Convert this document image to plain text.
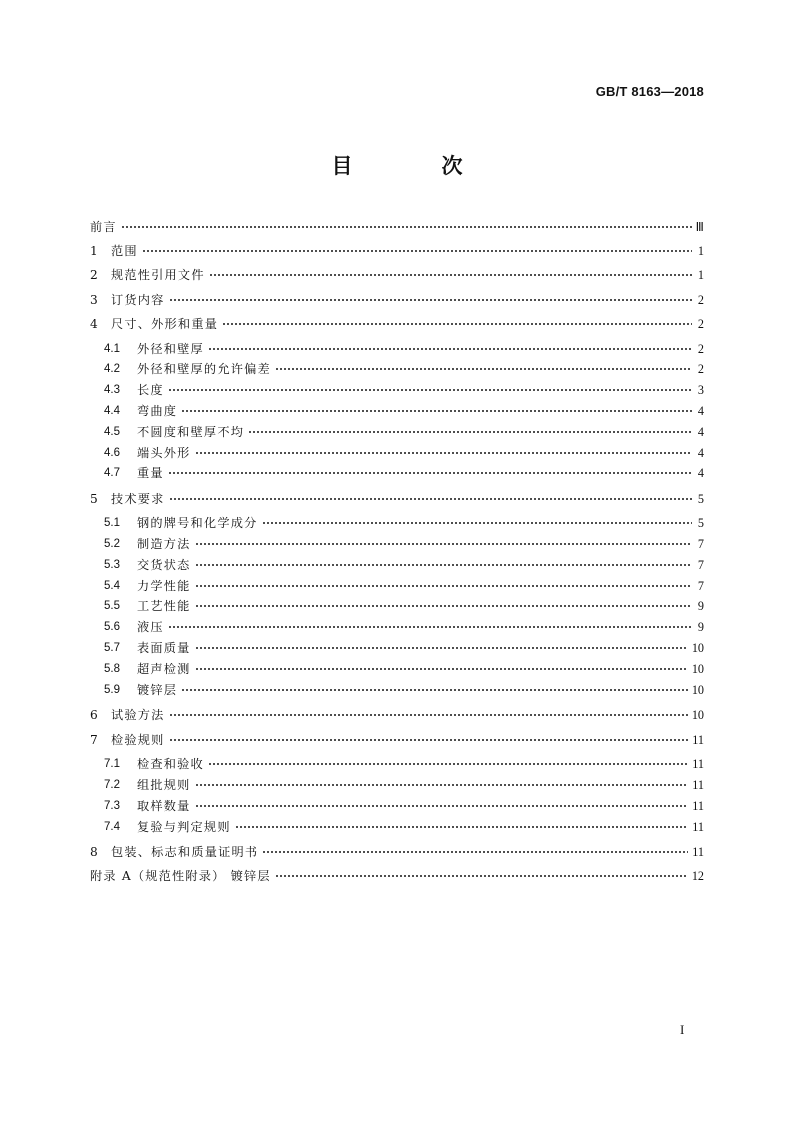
GB/T 8163—2018
目　次
前言	Ⅲ
1	范围	1
2	规范性引用文件	1
3	订货内容	2
4	尺寸、外形和重量	2
4.1	外径和壁厚	2
4.2	外径和壁厚的允许偏差	2
4.3	长度	3
4.4	弯曲度	4
4.5	不圆度和壁厚不均	4
4.6	端头外形	4
4.7	重量	4
5	技术要求	5
5.1	钢的牌号和化学成分	5
5.2	制造方法	7
5.3	交货状态	7
5.4	力学性能	7
5.5	工艺性能	9
5.6	液压	9
5.7	表面质量	10
5.8	超声检测	10
5.9	镀锌层	10
6	试验方法	10
7	检验规则	11
7.1	检查和验收	11
7.2	组批规则	11
7.3	取样数量	11
7.4	复验与判定规则	11
8	包装、标志和质量证明书	11
附录 A（规范性附录） 镀锌层	12
I
